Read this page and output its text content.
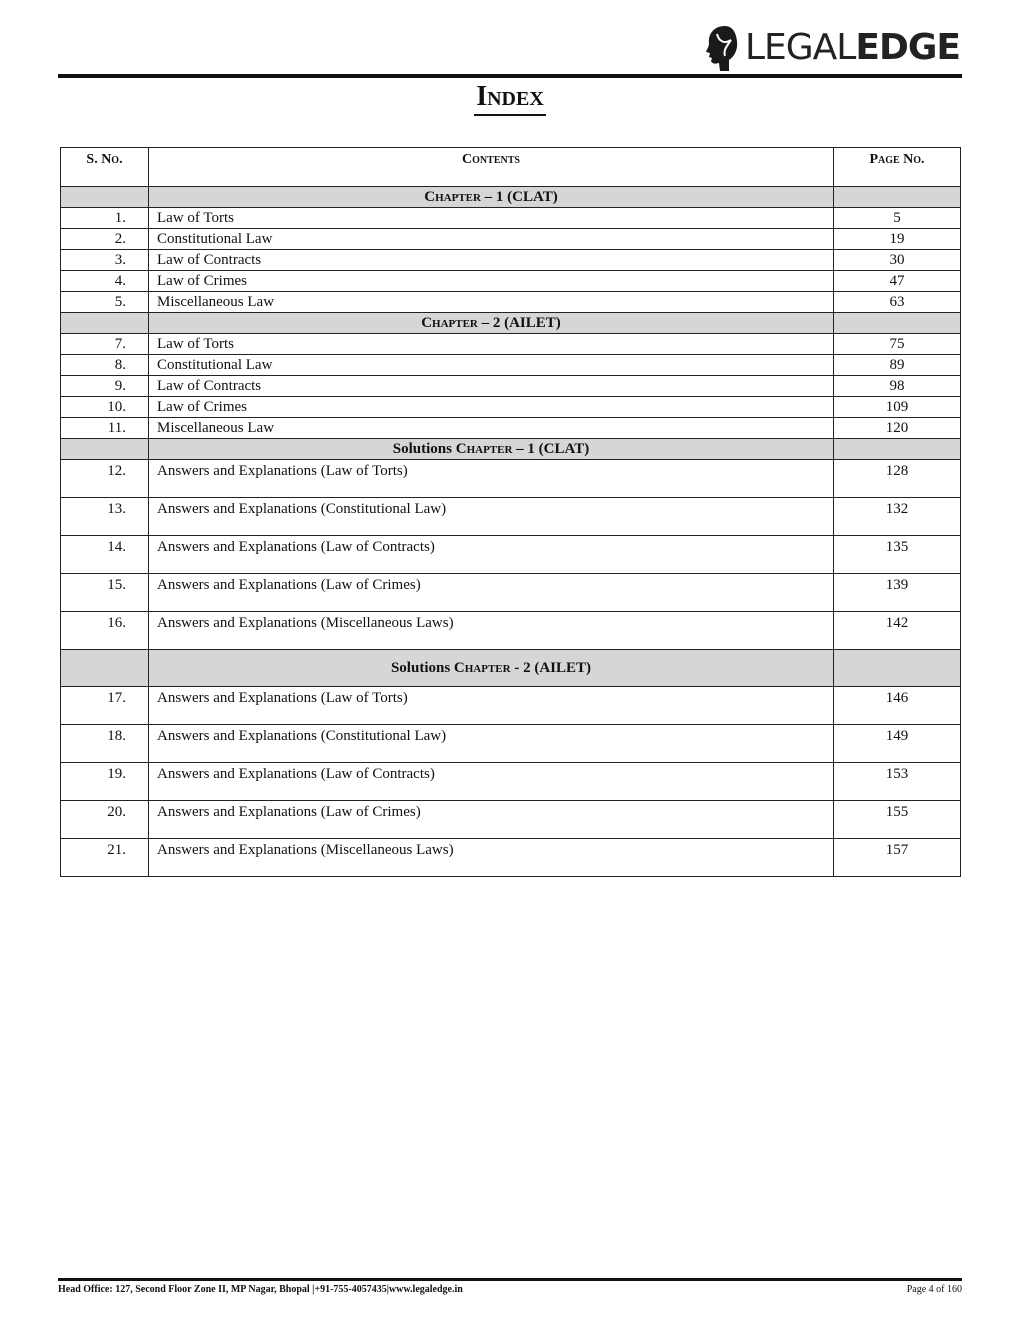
LEGALEDGE
Index
S. No.	Contents	Page No.
	Chapter – 1 (CLAT)	
1.	Law of Torts	5
2.	Constitutional Law	19
3.	Law of Contracts	30
4.	Law of Crimes	47
5.	Miscellaneous Law	63
	Chapter – 2 (AILET)	
7.	Law of Torts	75
8.	Constitutional Law	89
9.	Law of Contracts	98
10.	Law of Crimes	109
11.	Miscellaneous Law	120
	Solutions Chapter – 1 (CLAT)	
12.	Answers and Explanations (Law of Torts)	128
13.	Answers and Explanations (Constitutional Law)	132
14.	Answers and Explanations (Law of Contracts)	135
15.	Answers and Explanations (Law of Crimes)	139
16.	Answers and Explanations (Miscellaneous Laws)	142
	Solutions Chapter - 2 (AILET)	
17.	Answers and Explanations (Law of Torts)	146
18.	Answers and Explanations (Constitutional Law)	149
19.	Answers and Explanations (Law of Contracts)	153
20.	Answers and Explanations (Law of Crimes)	155
21.	Answers and Explanations (Miscellaneous Laws)	157
Head Office: 127, Second Floor Zone II, MP Nagar, Bhopal |+91-755-4057435|www.legaledge.in	Page 4 of 160
